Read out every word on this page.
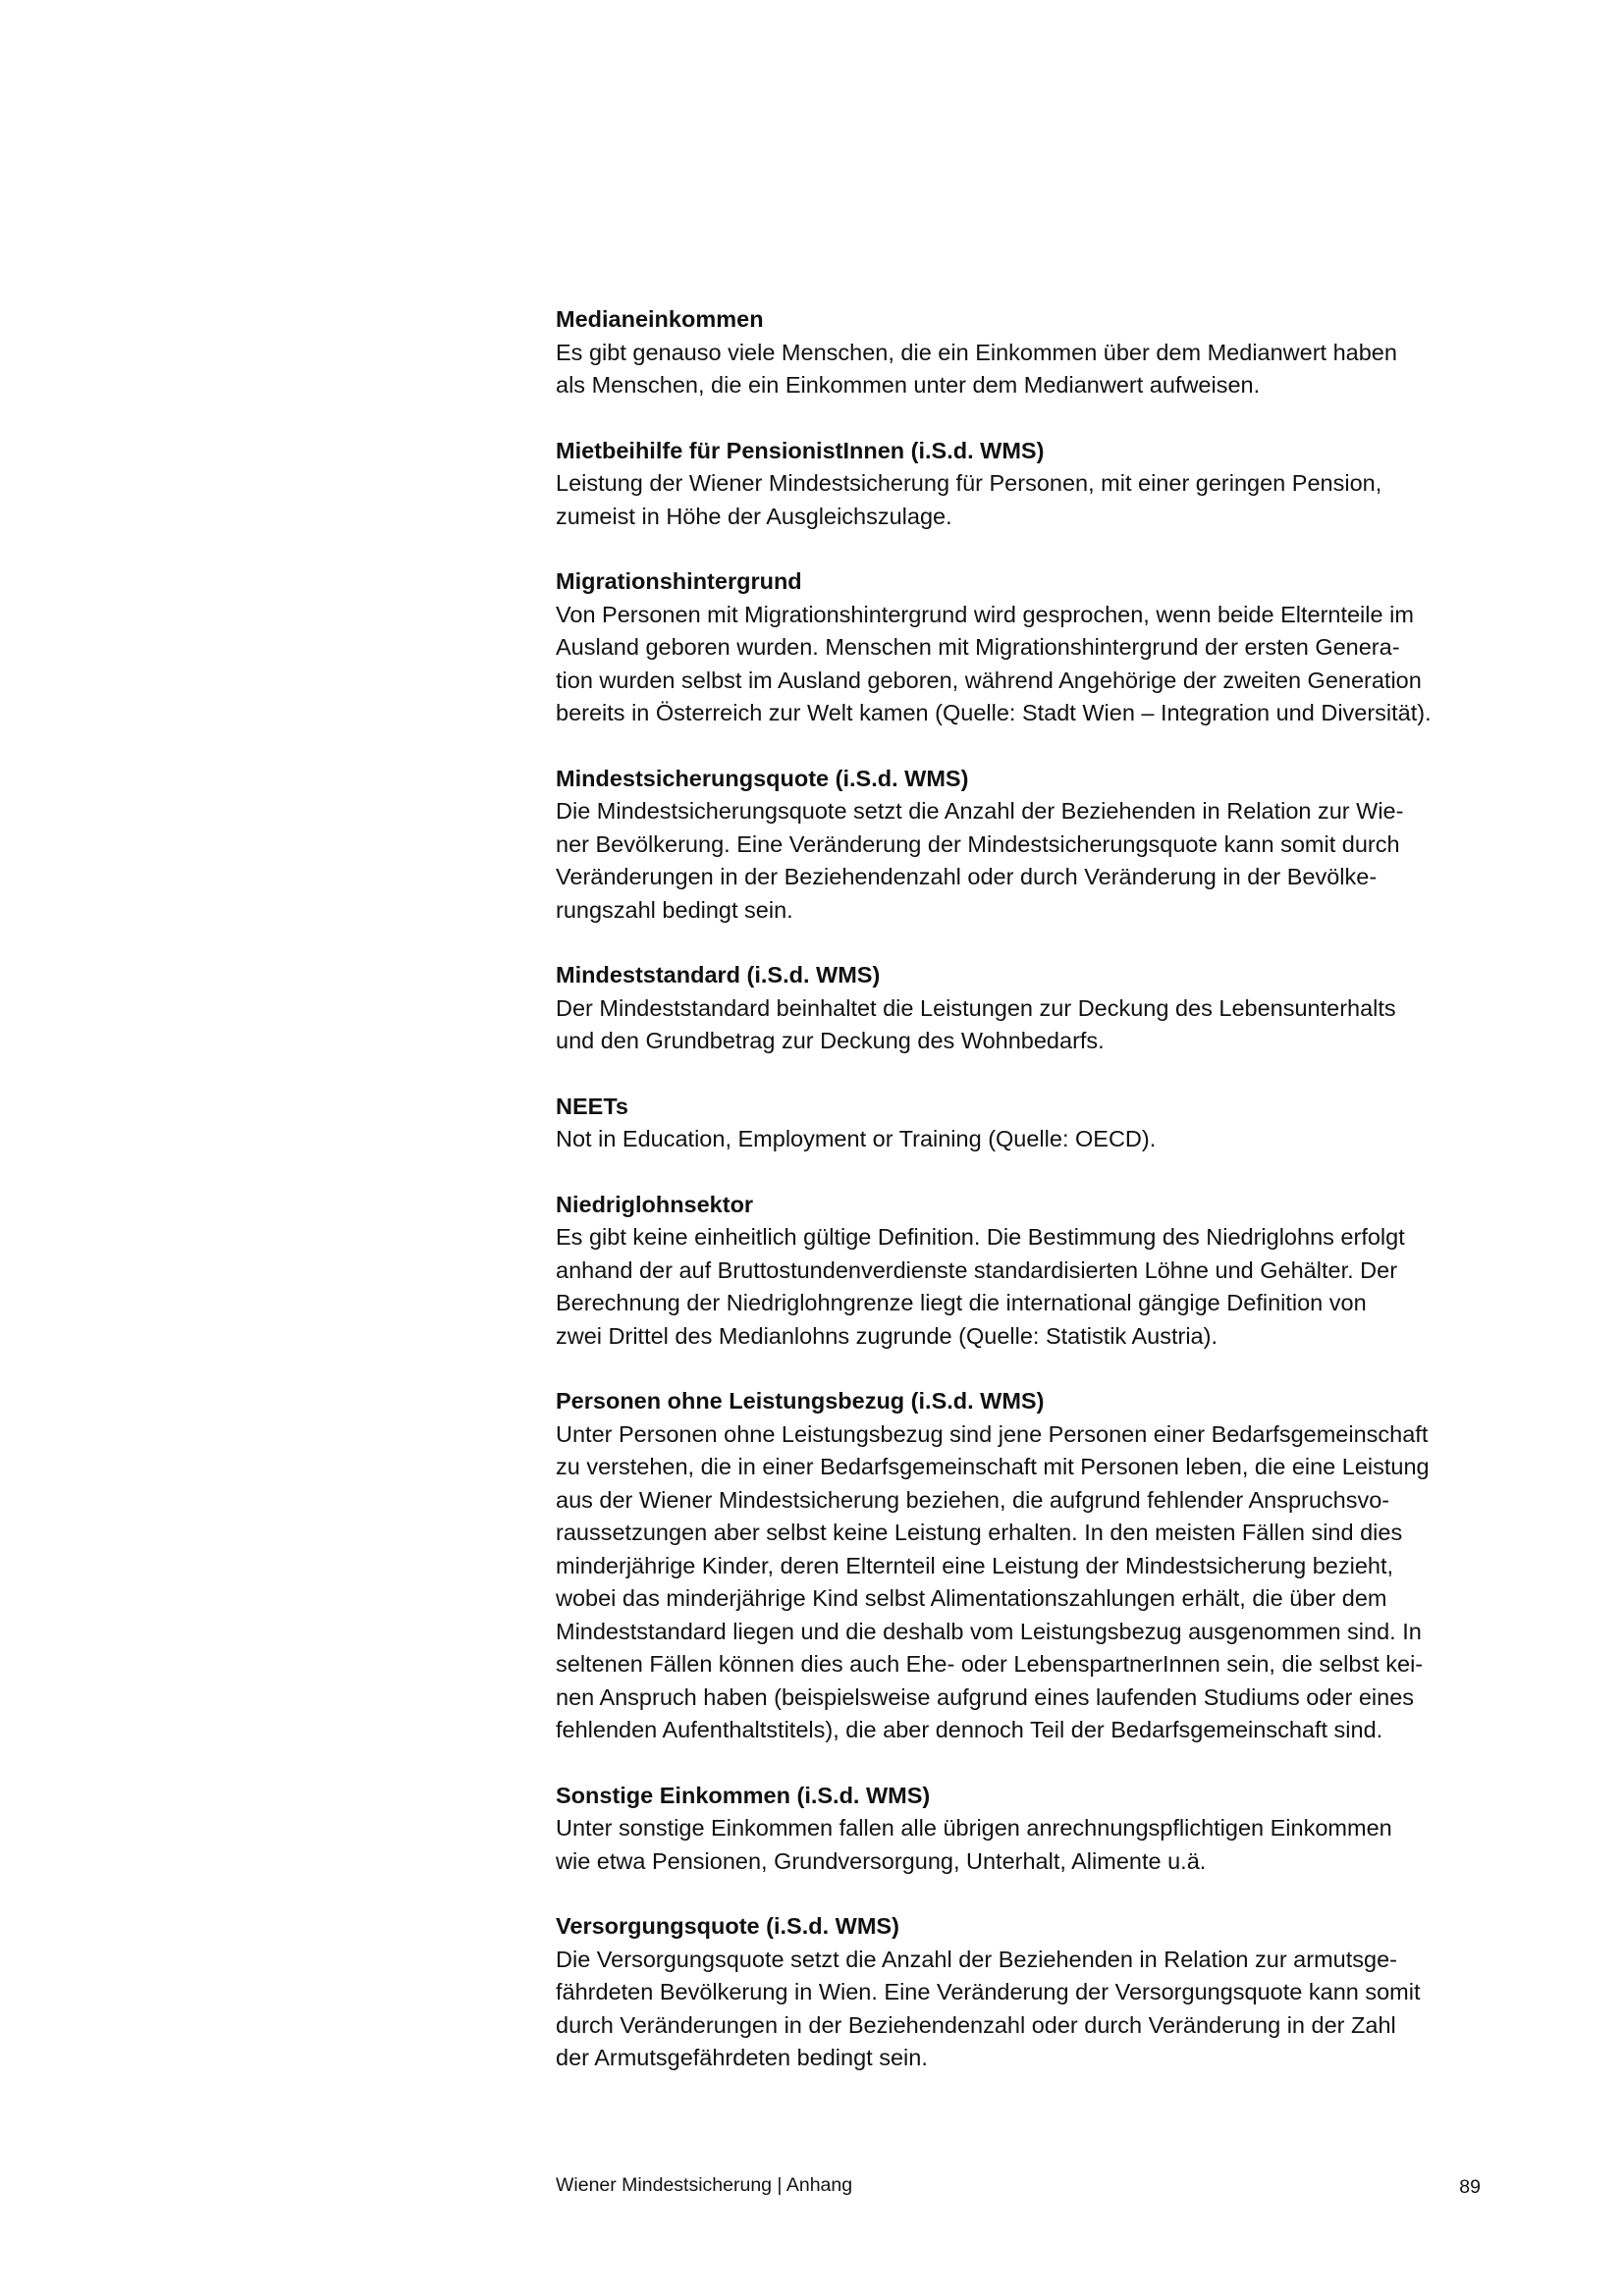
Medianeinkommen

Es gibt genauso viele Menschen, die ein Einkommen über dem Medianwert haben
als Menschen, die ein Einkommen unter dem Medianwert aufweisen.

Mietbeihilfe für PensionistInnen (i.S.d. WMS)

Leistung der Wiener Mindestsicherung für Personen, mit einer geringen Pension,
zumeist in Höhe der Ausgleichszulage.

Migrationshintergrund

Von Personen mit Migrationshintergrund wird gesprochen, wenn beide Elternteile im
Ausland geboren wurden. Menschen mit Migrationshintergrund der ersten Genera-
tion wurden selbst im Ausland geboren, während Angehörige der zweiten Generation
bereits in Österreich zur Welt kamen (Quelle: Stadt Wien – Integration und Diversität).

Mindestsicherungsquote (i.S.d. WMS)

Die Mindestsicherungsquote setzt die Anzahl der Beziehenden in Relation zur Wie-
ner Bevölkerung. Eine Veränderung der Mindestsicherungsquote kann somit durch
Veränderungen in der Beziehendenzahl oder durch Veränderung in der Bevölke-
rungszahl bedingt sein.

Mindeststandard (i.S.d. WMS)

Der Mindeststandard beinhaltet die Leistungen zur Deckung des Lebensunterhalts
und den Grundbetrag zur Deckung des Wohnbedarfs.

NEETs

Not in Education, Employment or Training (Quelle: OECD).

Niedriglohnsektor

Es gibt keine einheitlich gültige Definition. Die Bestimmung des Niedriglohns erfolgt
anhand der auf Bruttostundenverdienste standardisierten Löhne und Gehälter. Der
Berechnung der Niedriglohngrenze liegt die international gängige Definition von
zwei Drittel des Medianlohns zugrunde (Quelle: Statistik Austria).

Personen ohne Leistungsbezug (i.S.d. WMS)

Unter Personen ohne Leistungsbezug sind jene Personen einer Bedarfsgemeinschaft
zu verstehen, die in einer Bedarfsgemeinschaft mit Personen leben, die eine Leistung
aus der Wiener Mindestsicherung beziehen, die aufgrund fehlender Anspruchsvo-
raussetzungen aber selbst keine Leistung erhalten. In den meisten Fällen sind dies
minderjährige Kinder, deren Elternteil eine Leistung der Mindestsicherung bezieht,
wobei das minderjährige Kind selbst Alimentationszahlungen erhält, die über dem
Mindeststandard liegen und die deshalb vom Leistungsbezug ausgenommen sind. In
seltenen Fällen können dies auch Ehe- oder LebenspartnerInnen sein, die selbst kei-
nen Anspruch haben (beispielsweise aufgrund eines laufenden Studiums oder eines
fehlenden Aufenthaltstitels), die aber dennoch Teil der Bedarfsgemeinschaft sind.

Sonstige Einkommen (i.S.d. WMS)

Unter sonstige Einkommen fallen alle übrigen anrechnungspflichtigen Einkommen
wie etwa Pensionen, Grundversorgung, Unterhalt, Alimente u.ä.

Versorgungsquote (i.S.d. WMS)

Die Versorgungsquote setzt die Anzahl der Beziehenden in Relation zur armutsge-
fährdeten Bevölkerung in Wien. Eine Veränderung der Versorgungsquote kann somit
durch Veränderungen in der Beziehendenzahl oder durch Veränderung in der Zahl
der Armutsgefährdeten bedingt sein.

Wiener Mindestsicherung | Anhang	89
